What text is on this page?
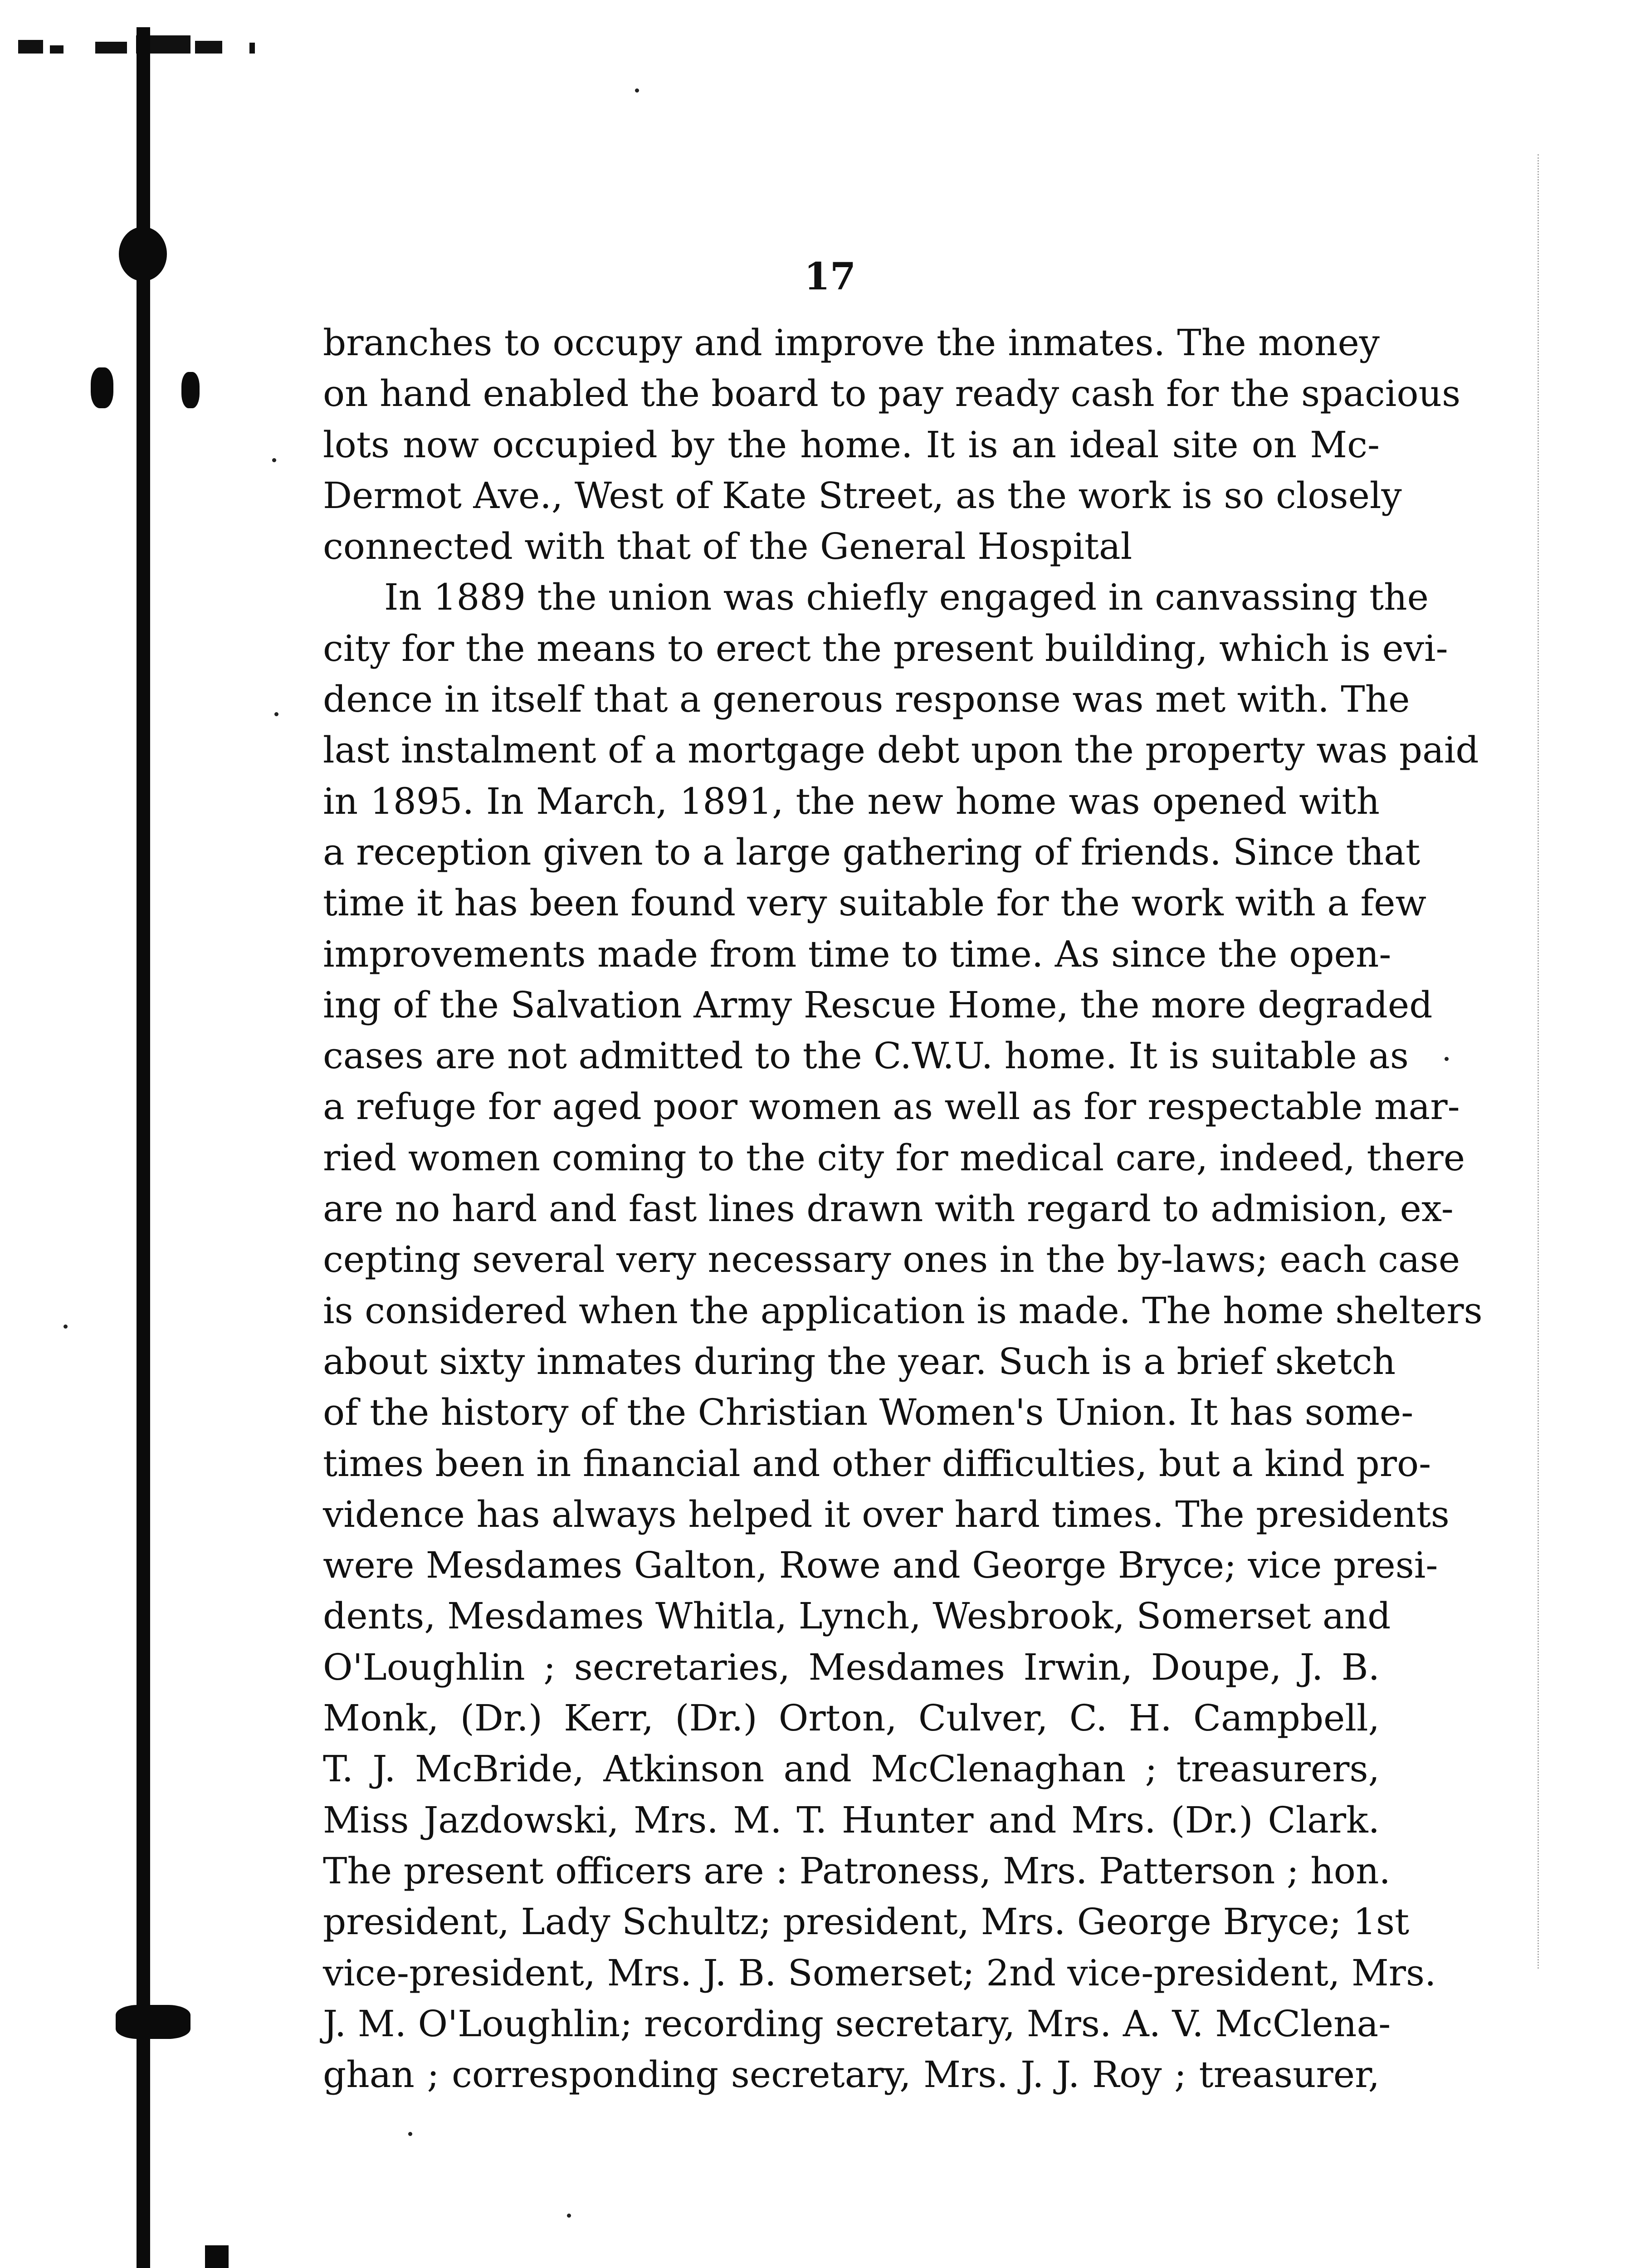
17
branches to occupy and improve the inmates. The money
on hand enabled the board to pay ready cash for the spacious
lots now occupied by the home. It is an ideal site on Mc-
Dermot Ave., West of Kate Street, as the work is so closely
connected with that of the General Hospital
In 1889 the union was chiefly engaged in canvassing the
city for the means to erect the present building, which is evi-
dence in itself that a generous response was met with. The
last instalment of a mortgage debt upon the property was paid
in 1895. In March, 1891, the new home was opened with
a reception given to a large gathering of friends. Since that
time it has been found very suitable for the work with a few
improvements made from time to time. As since the open-
ing of the Salvation Army Rescue Home, the more degraded
cases are not admitted to the C.W.U. home. It is suitable as
a refuge for aged poor women as well as for respectable mar-
ried women coming to the city for medical care, indeed, there
are no hard and fast lines drawn with regard to admision, ex-
cepting several very necessary ones in the by-laws; each case
is considered when the application is made. The home shelters
about sixty inmates during the year. Such is a brief sketch
of the history of the Christian Women's Union. It has some-
times been in financial and other difficulties, but a kind pro-
vidence has always helped it over hard times. The presidents
were Mesdames Galton, Rowe and George Bryce; vice presi-
dents, Mesdames Whitla, Lynch, Wesbrook, Somerset and
O'Loughlin ; secretaries, Mesdames Irwin, Doupe, J. B.
Monk, (Dr.) Kerr, (Dr.) Orton, Culver, C. H. Campbell,
T. J. McBride, Atkinson and McClenaghan ; treasurers,
Miss Jazdowski, Mrs. M. T. Hunter and Mrs. (Dr.) Clark.
The present officers are : Patroness, Mrs. Patterson ; hon.
president, Lady Schultz; president, Mrs. George Bryce; 1st
vice-president, Mrs. J. B. Somerset; 2nd vice-president, Mrs.
J. M. O'Loughlin; recording secretary, Mrs. A. V. McClena-
ghan ; corresponding secretary, Mrs. J. J. Roy ; treasurer,
